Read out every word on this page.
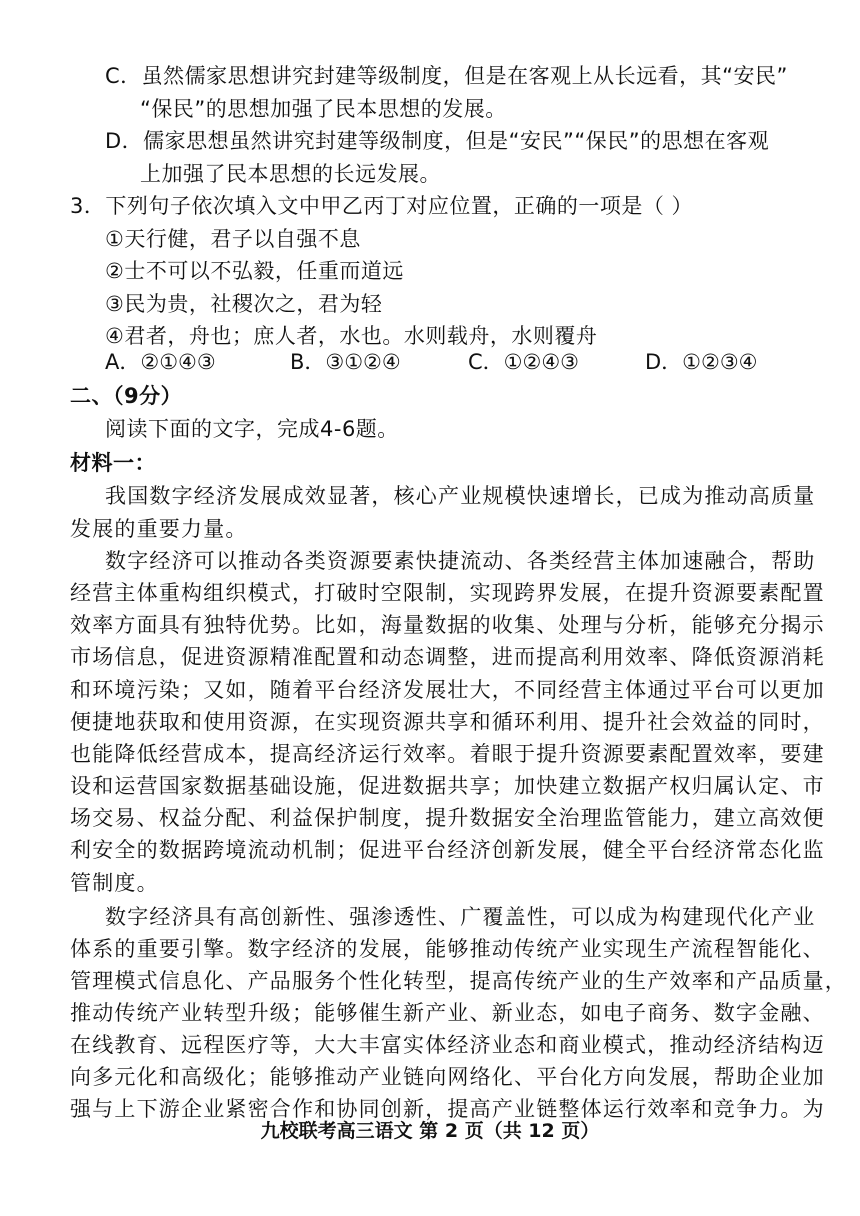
C．虽然儒家思想讲究封建等级制度，但是在客观上从长远看，其“安民”
“保民”的思想加强了民本思想的发展。
D．儒家思想虽然讲究封建等级制度，但是“安民”“保民”的思想在客观
上加强了民本思想的长远发展。
3．下列句子依次填入文中甲乙丙丁对应位置，正确的一项是（ ）
①天行健，君子以自强不息
②士不可以不弘毅，任重而道远
③民为贵，社稷次之，君为轻
④君者，舟也；庶人者，水也。水则载舟，水则覆舟
A．②①④③	B．③①②④	C．①②④③	D．①②③④
二、（9分）
阅读下面的文字，完成4-6题。
材料一：
我国数字经济发展成效显著，核心产业规模快速增长，已成为推动高质量
发展的重要力量。
数字经济可以推动各类资源要素快捷流动、各类经营主体加速融合，帮助
经营主体重构组织模式，打破时空限制，实现跨界发展，在提升资源要素配置
效率方面具有独特优势。比如，海量数据的收集、处理与分析，能够充分揭示
市场信息，促进资源精准配置和动态调整，进而提高利用效率、降低资源消耗
和环境污染；又如，随着平台经济发展壮大，不同经营主体通过平台可以更加
便捷地获取和使用资源，在实现资源共享和循环利用、提升社会效益的同时，
也能降低经营成本，提高经济运行效率。着眼于提升资源要素配置效率，要建
设和运营国家数据基础设施，促进数据共享；加快建立数据产权归属认定、市
场交易、权益分配、利益保护制度，提升数据安全治理监管能力，建立高效便
利安全的数据跨境流动机制；促进平台经济创新发展，健全平台经济常态化监
管制度。
数字经济具有高创新性、强渗透性、广覆盖性，可以成为构建现代化产业
体系的重要引擎。数字经济的发展，能够推动传统产业实现生产流程智能化、
管理模式信息化、产品服务个性化转型，提高传统产业的生产效率和产品质量，
推动传统产业转型升级；能够催生新产业、新业态，如电子商务、数字金融、
在线教育、远程医疗等，大大丰富实体经济业态和商业模式，推动经济结构迈
向多元化和高级化；能够推动产业链向网络化、平台化方向发展，帮助企业加
强与上下游企业紧密合作和协同创新，提高产业链整体运行效率和竞争力。为
九校联考高三语文 第 2 页（共 12 页）
